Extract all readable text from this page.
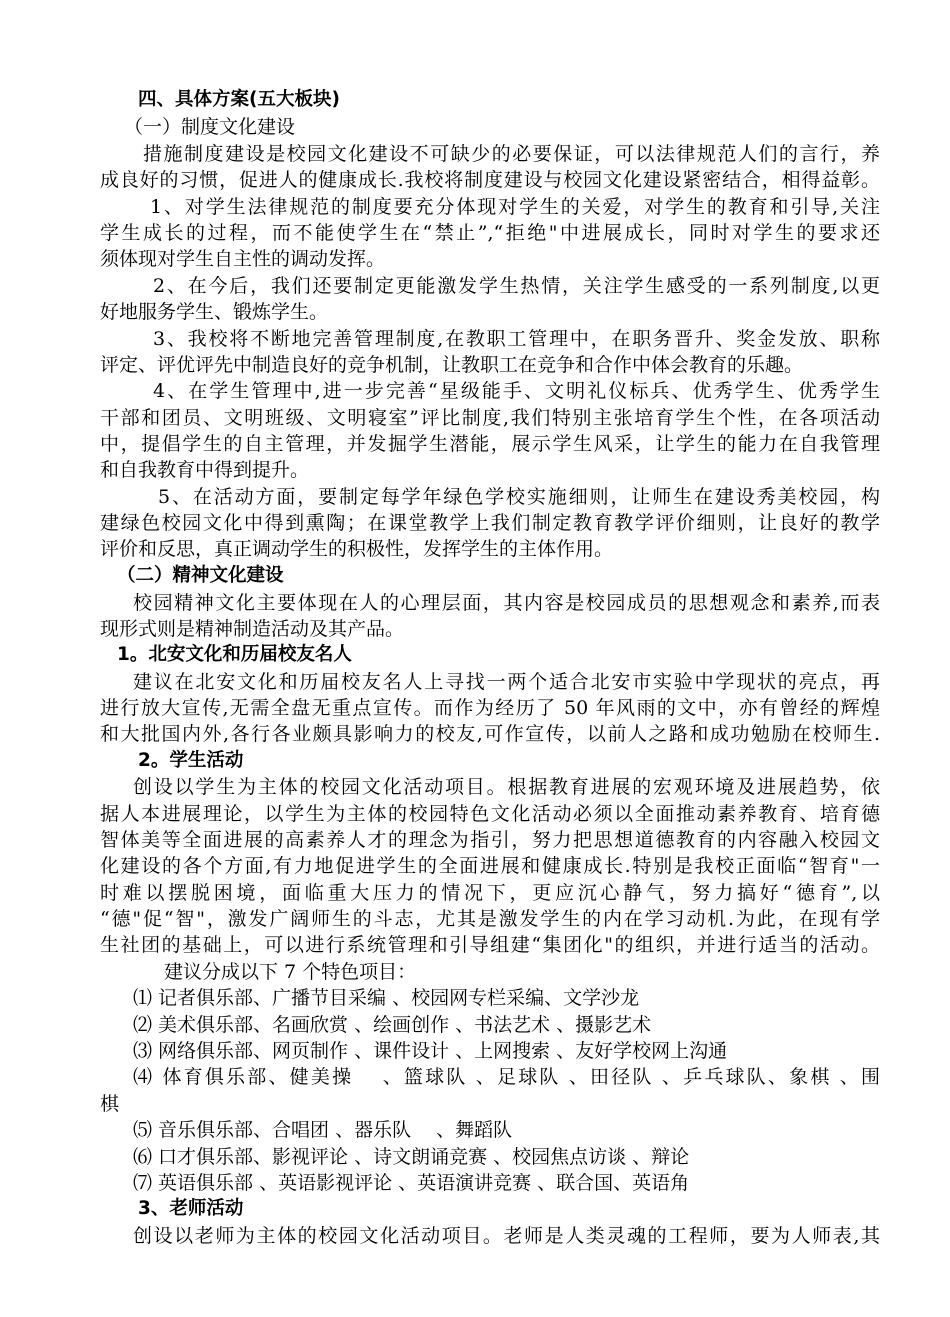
四、具体方案(五大板块)
（一）制度文化建设
措施制度建设是校园文化建设不可缺少的必要保证，可以法律规范人们的言行，养
成良好的习惯，促进人的健康成长.我校将制度建设与校园文化建设紧密结合，相得益彰。
1、对学生法律规范的制度要充分体现对学生的关爱，对学生的教育和引导,关注
学生成长的过程，而不能使学生在“禁止”,“拒绝"中进展成长，同时对学生的要求还
须体现对学生自主性的调动发挥。
2、在今后，我们还要制定更能激发学生热情，关注学生感受的一系列制度,以更
好地服务学生、锻炼学生。
3、我校将不断地完善管理制度,在教职工管理中，在职务晋升、奖金发放、职称
评定、评优评先中制造良好的竞争机制，让教职工在竞争和合作中体会教育的乐趣。
4、在学生管理中,进一步完善“星级能手、文明礼仪标兵、优秀学生、优秀学生
干部和团员、文明班级、文明寝室”评比制度,我们特别主张培育学生个性，在各项活动
中，提倡学生的自主管理，并发掘学生潜能，展示学生风采，让学生的能力在自我管理
和自我教育中得到提升。
5、在活动方面，要制定每学年绿色学校实施细则，让师生在建设秀美校园，构
建绿色校园文化中得到熏陶；在课堂教学上我们制定教育教学评价细则，让良好的教学
评价和反思，真正调动学生的积极性，发挥学生的主体作用。
（二）精神文化建设
校园精神文化主要体现在人的心理层面，其内容是校园成员的思想观念和素养,而表
现形式则是精神制造活动及其产品。
1。北安文化和历届校友名人
建议在北安文化和历届校友名人上寻找一两个适合北安市实验中学现状的亮点，再
进行放大宣传,无需全盘无重点宣传。而作为经历了 50 年风雨的文中，亦有曾经的辉煌
和大批国内外,各行各业颇具影响力的校友,可作宣传，以前人之路和成功勉励在校师生.
2。学生活动
创设以学生为主体的校园文化活动项目。根据教育进展的宏观环境及进展趋势，依
据人本进展理论，以学生为主体的校园特色文化活动必须以全面推动素养教育、培育德
智体美等全面进展的高素养人才的理念为指引，努力把思想道德教育的内容融入校园文
化建设的各个方面,有力地促进学生的全面进展和健康成长.特别是我校正面临“智育"一
时难以摆脱困境，面临重大压力的情况下，更应沉心静气，努力搞好“德育”,以
“德"促“智"，激发广阔师生的斗志，尤其是激发学生的内在学习动机.为此，在现有学
生社团的基础上，可以进行系统管理和引导组建“集团化"的组织，并进行适当的活动。
建议分成以下 7 个特色项目：
⑴ 记者俱乐部、广播节目采编 、校园网专栏采编、文学沙龙
⑵ 美术俱乐部、名画欣赏 、绘画创作 、书法艺术 、摄影艺术
⑶ 网络俱乐部、网页制作 、课件设计 、上网搜索 、友好学校网上沟通
⑷ 体育俱乐部、健美操　 、篮球队 、足球队 、田径队 、乒乓球队、象棋 、围
棋
⑸ 音乐俱乐部、合唱团 、器乐队　 、舞蹈队
⑹ 口才俱乐部、影视评论 、诗文朗诵竞赛 、校园焦点访谈 、辩论
⑺ 英语俱乐部 、英语影视评论 、英语演讲竞赛 、联合国、英语角
3、老师活动
创设以老师为主体的校园文化活动项目。老师是人类灵魂的工程师，要为人师表,其
